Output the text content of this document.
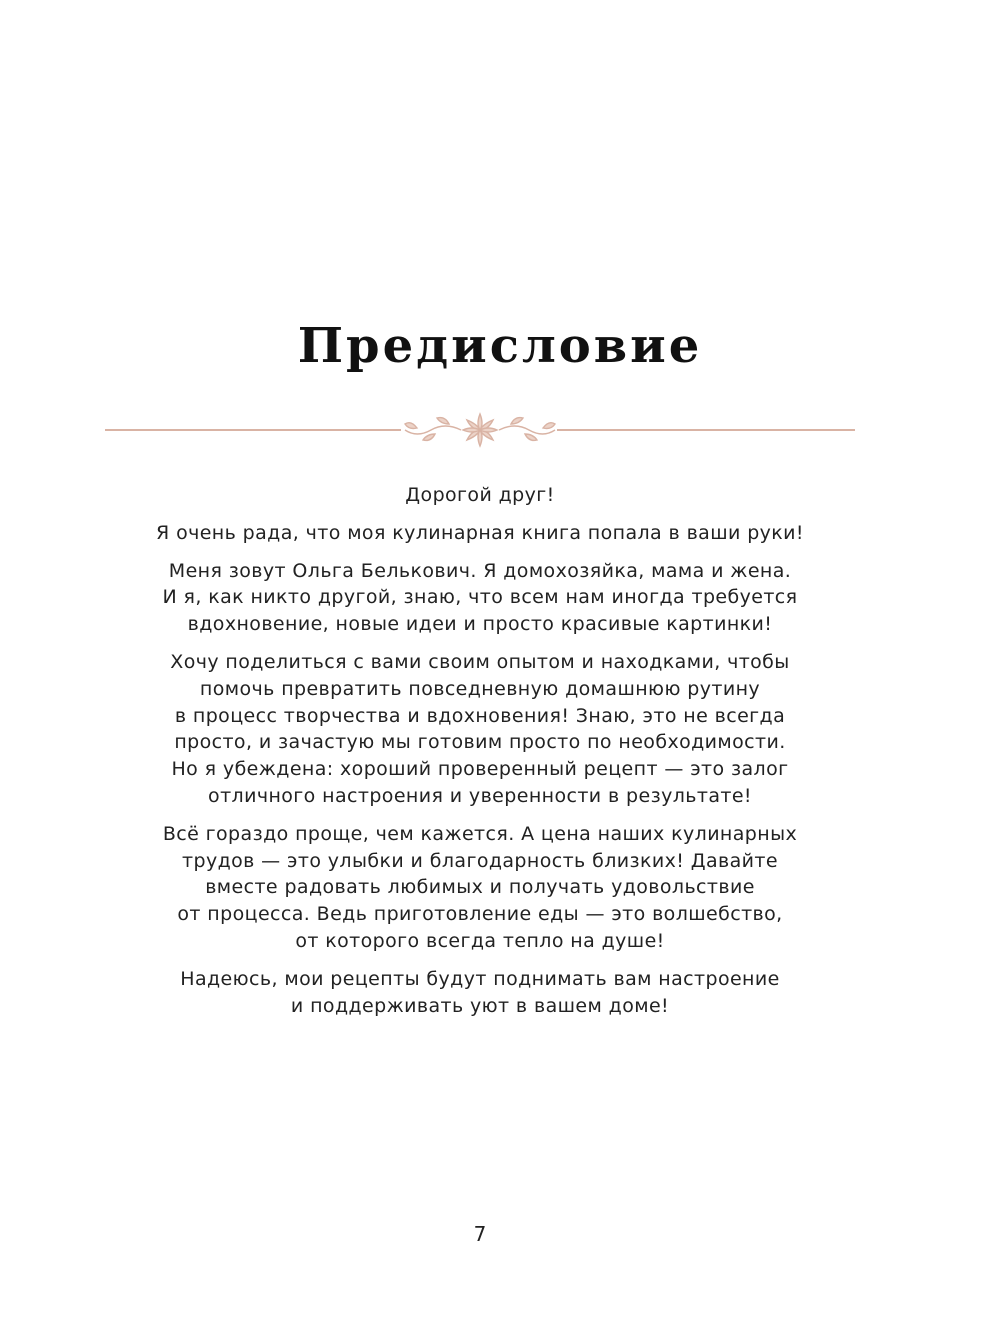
Предисловие

Дорогой друг!

Я очень рада, что моя кулинарная книга попала в ваши руки!

Меня зовут Ольга Белькович. Я домохозяйка, мама и жена.
И я, как никто другой, знаю, что всем нам иногда требуется
вдохновение, новые идеи и просто красивые картинки!

Хочу поделиться с вами своим опытом и находками, чтобы
помочь превратить повседневную домашнюю рутину
в процесс творчества и вдохновения! Знаю, это не всегда
просто, и зачастую мы готовим просто по необходимости.
Но я убеждена: хороший проверенный рецепт — это залог
отличного настроения и уверенности в результате!

Всё гораздо проще, чем кажется. А цена наших кулинарных
трудов — это улыбки и благодарность близких! Давайте
вместе радовать любимых и получать удовольствие
от процесса. Ведь приготовление еды — это волшебство,
от которого всегда тепло на душе!

Надеюсь, мои рецепты будут поднимать вам настроение
и поддерживать уют в вашем доме!

7
